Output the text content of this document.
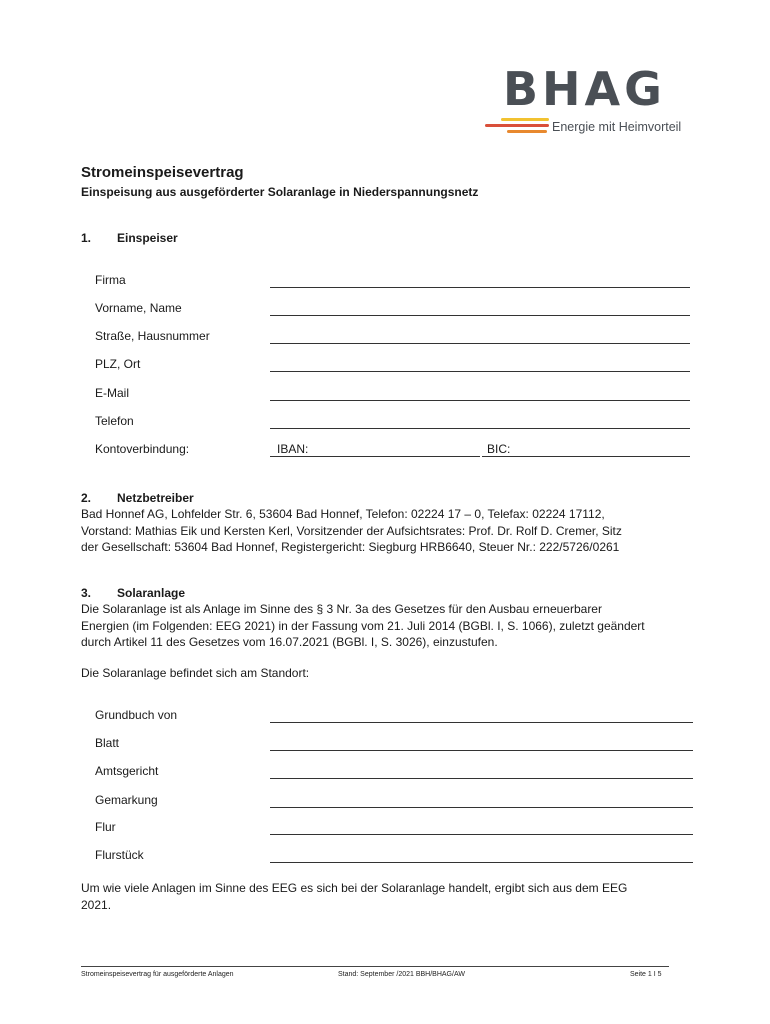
BHAG
Energie mit Heimvorteil
Stromeinspeisevertrag
Einspeisung aus ausgeförderter Solaranlage in Niederspannungsnetz
1. Einspeiser
Firma
Vorname, Name
Straße, Hausnummer
PLZ, Ort
E-Mail
Telefon
Kontoverbindung:	IBAN:	BIC:
2. Netzbetreiber
Bad Honnef AG, Lohfelder Str. 6, 53604 Bad Honnef, Telefon: 02224 17 – 0, Telefax: 02224 17112,
Vorstand: Mathias Eik und Kersten Kerl, Vorsitzender der Aufsichtsrates: Prof. Dr. Rolf D. Cremer, Sitz
der Gesellschaft: 53604 Bad Honnef, Registergericht: Siegburg HRB6640, Steuer Nr.: 222/5726/0261
3. Solaranlage
Die Solaranlage ist als Anlage im Sinne des § 3 Nr. 3a des Gesetzes für den Ausbau erneuerbarer
Energien (im Folgenden: EEG 2021) in der Fassung vom 21. Juli 2014 (BGBl. I, S. 1066), zuletzt geändert
durch Artikel 11 des Gesetzes vom 16.07.2021 (BGBl. I, S. 3026), einzustufen.
Die Solaranlage befindet sich am Standort:
Grundbuch von
Blatt
Amtsgericht
Gemarkung
Flur
Flurstück
Um wie viele Anlagen im Sinne des EEG es sich bei der Solaranlage handelt, ergibt sich aus dem EEG
2021.
Stromeinspeisevertrag für ausgeförderte Anlagen	Stand: September /2021 BBH/BHAG/AW	Seite 1 I 5
